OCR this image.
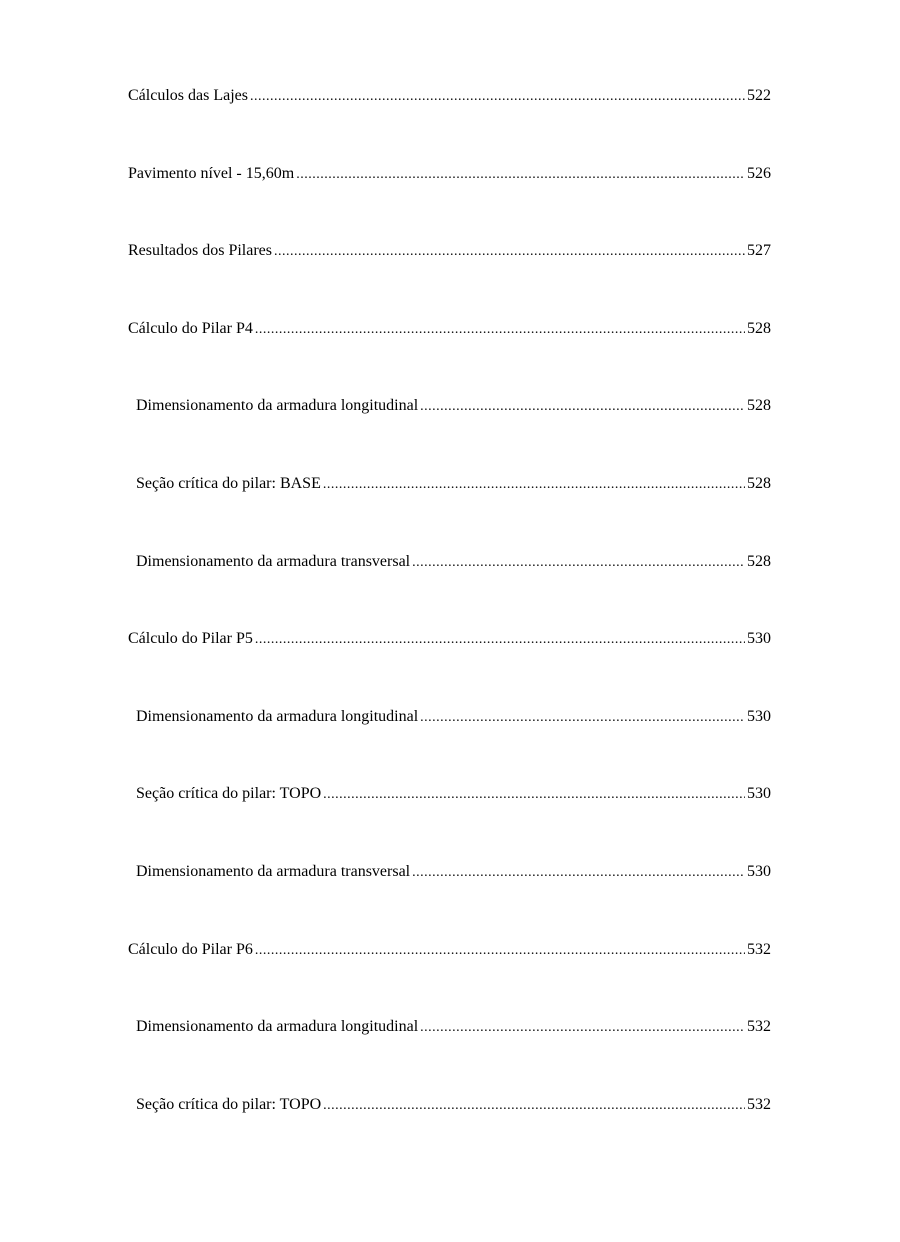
Cálculos das Lajes .....	522
Pavimento nível - 15,60m .....	526
Resultados dos Pilares .....	527
Cálculo do Pilar P4 .....	528
Dimensionamento da armadura longitudinal .....	528
Seção crítica do pilar: BASE .....	528
Dimensionamento da armadura transversal .....	528
Cálculo do Pilar P5 .....	530
Dimensionamento da armadura longitudinal .....	530
Seção crítica do pilar: TOPO .....	530
Dimensionamento da armadura transversal .....	530
Cálculo do Pilar P6 .....	532
Dimensionamento da armadura longitudinal .....	532
Seção crítica do pilar: TOPO .....	532
